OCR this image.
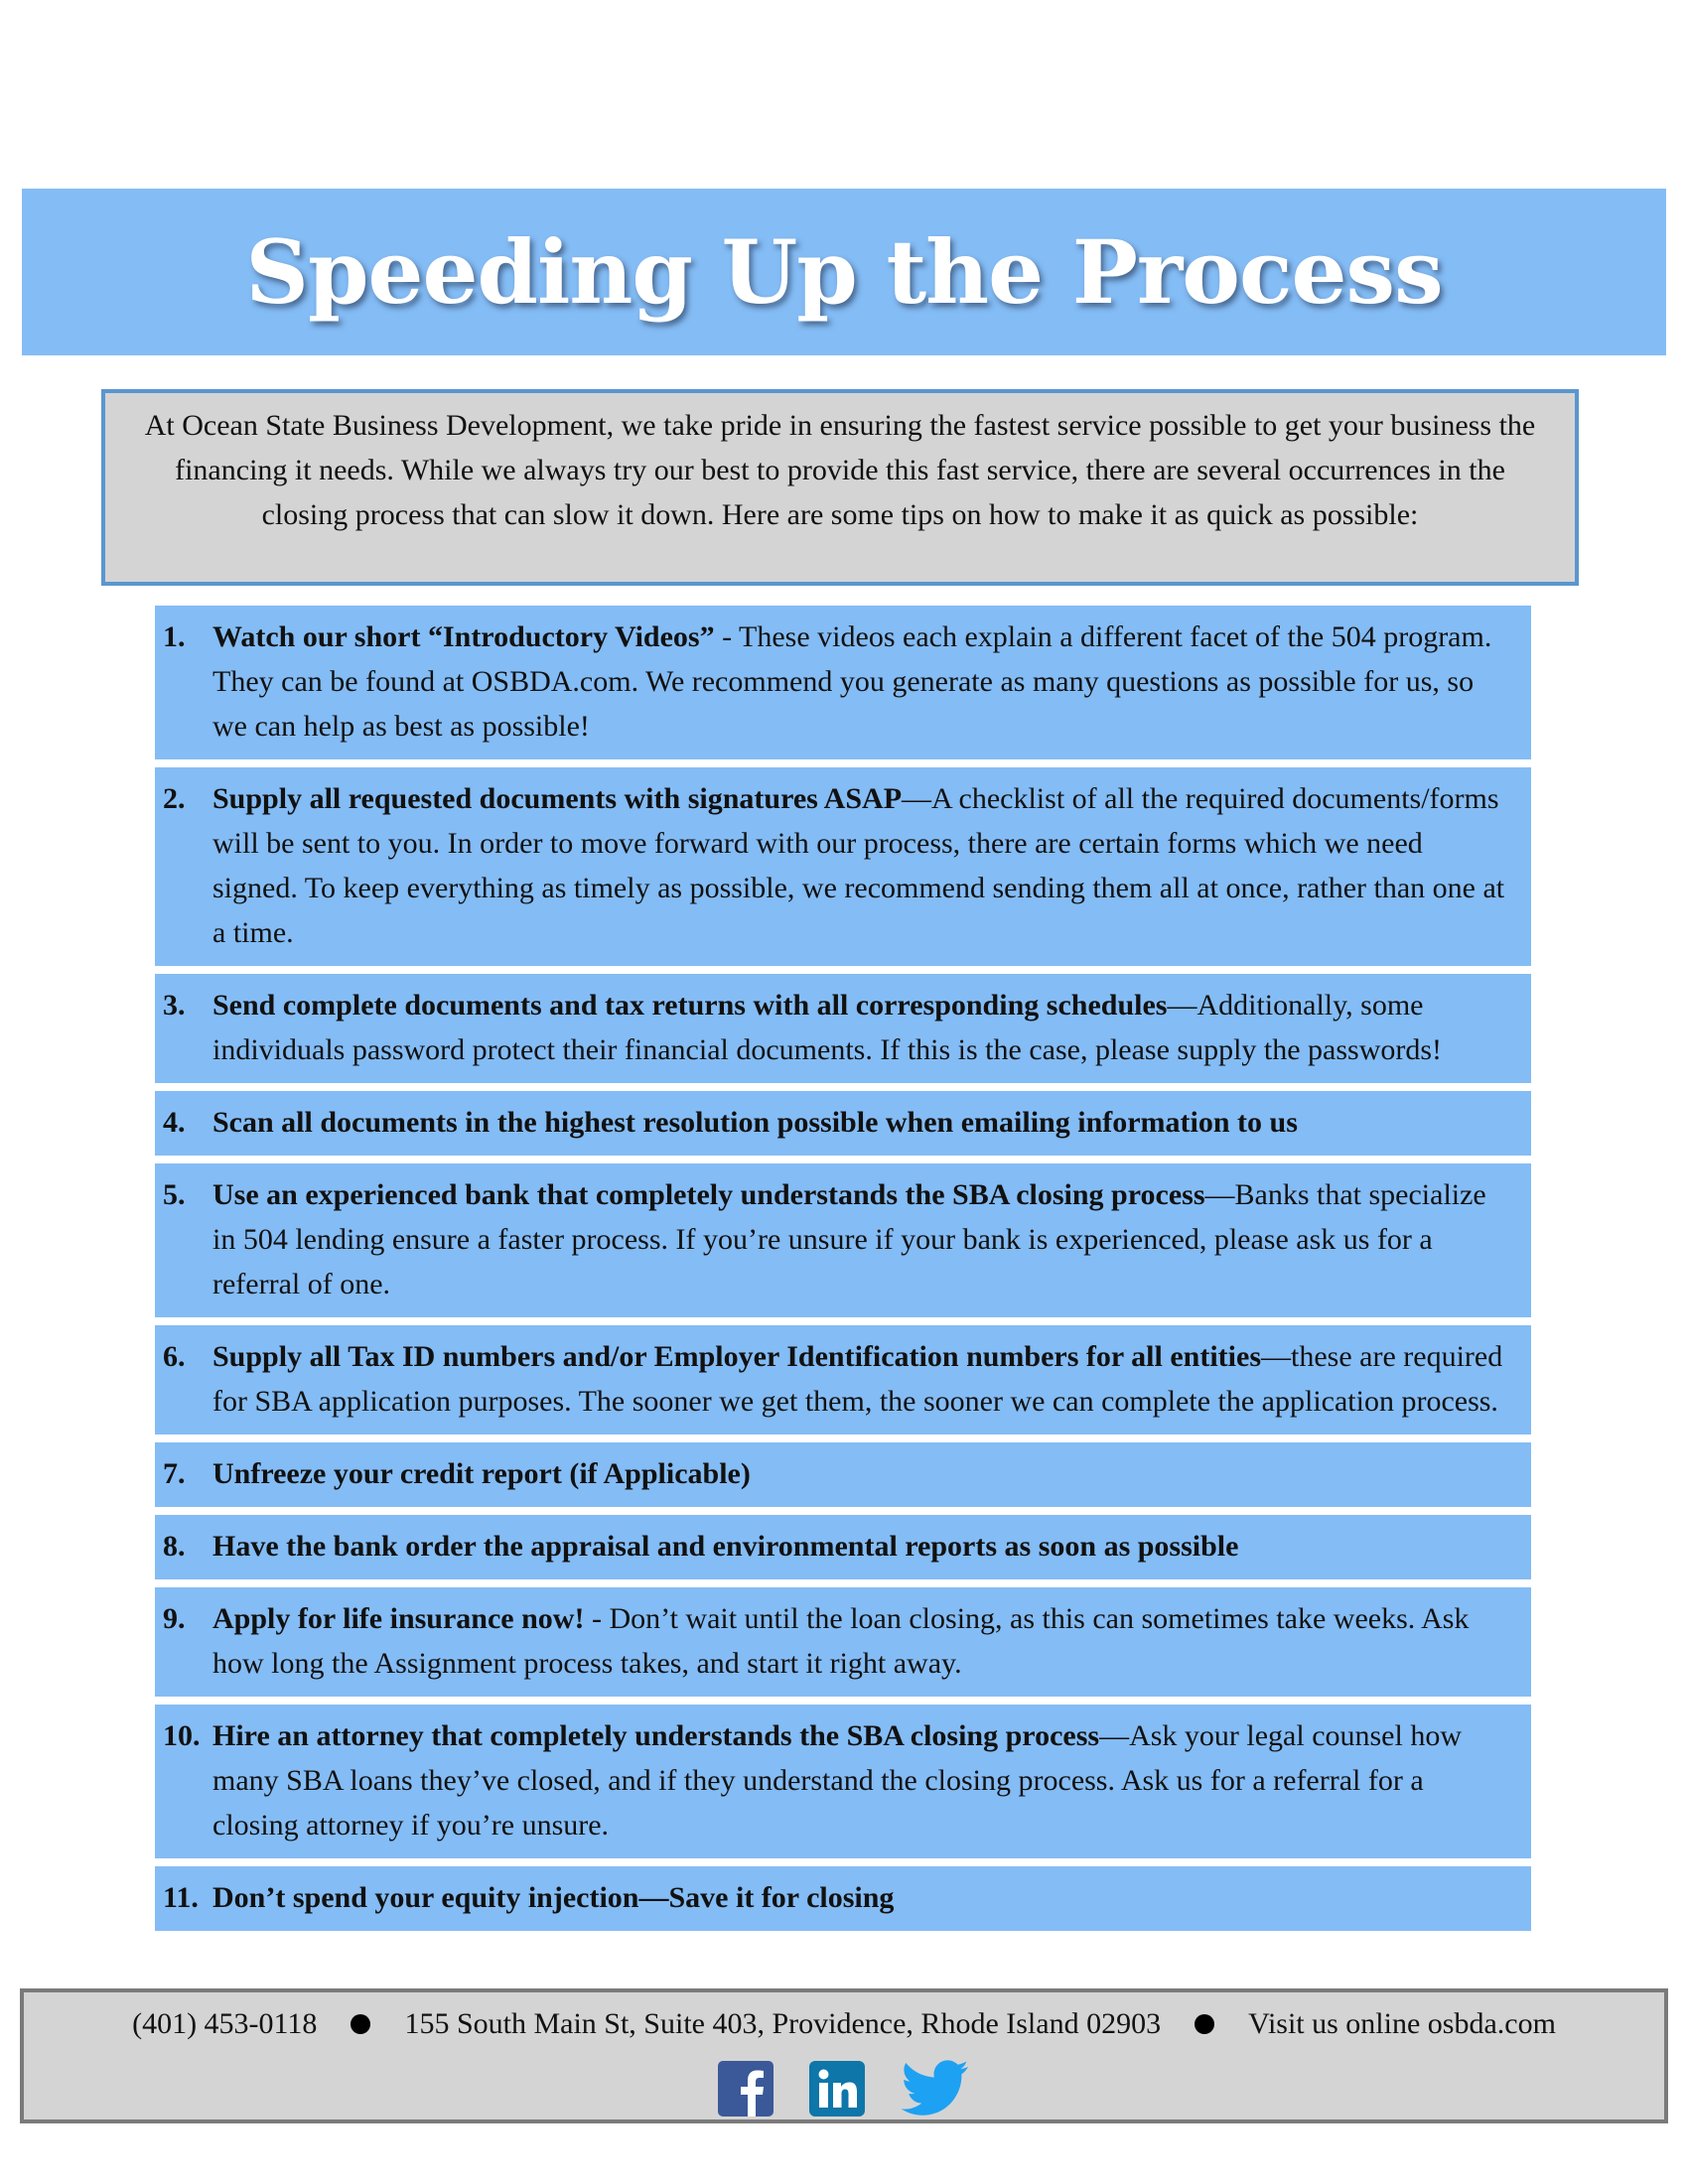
Speeding Up the Process
At Ocean State Business Development, we take pride in ensuring the fastest service possible to get your business the financing it needs. While we always try our best to provide this fast service, there are several occurrences in the closing process that can slow it down. Here are some tips on how to make it as quick as possible:
1. Watch our short “Introductory Videos” - These videos each explain a different facet of the 504 program. They can be found at OSBDA.com. We recommend you generate as many questions as possible for us, so we can help as best as possible!
2. Supply all requested documents with signatures ASAP—A checklist of all the required documents/forms will be sent to you. In order to move forward with our process, there are certain forms which we need signed. To keep everything as timely as possible, we recommend sending them all at once, rather than one at a time.
3. Send complete documents and tax returns with all corresponding schedules—Additionally, some individuals password protect their financial documents. If this is the case, please supply the passwords!
4. Scan all documents in the highest resolution possible when emailing information to us
5. Use an experienced bank that completely understands the SBA closing process—Banks that specialize in 504 lending ensure a faster process. If you’re unsure if your bank is experienced, please ask us for a referral of one.
6. Supply all Tax ID numbers and/or Employer Identification numbers for all entities—these are required for SBA application purposes. The sooner we get them, the sooner we can complete the application process.
7. Unfreeze your credit report (if Applicable)
8. Have the bank order the appraisal and environmental reports as soon as possible
9. Apply for life insurance now! - Don’t wait until the loan closing, as this can sometimes take weeks. Ask how long the Assignment process takes, and start it right away.
10. Hire an attorney that completely understands the SBA closing process—Ask your legal counsel how many SBA loans they’ve closed, and if they understand the closing process. Ask us for a referral for a closing attorney if you’re unsure.
11. Don’t spend your equity injection—Save it for closing
(401) 453-0118	155 South Main St, Suite 403, Providence, Rhode Island 02903	Visit us online osbda.com
